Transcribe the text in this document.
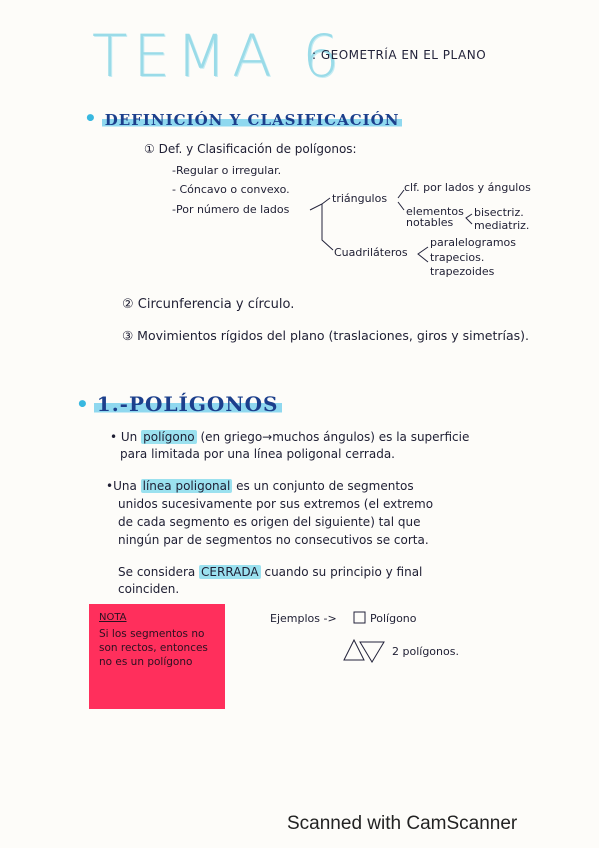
TEMA 6
: GEOMETRÍA EN EL PLANO
• DEFINICIÓN Y CLASIFICACIÓN
① Def. y Clasificación de polígonos:
-Regular o irregular.
- Cóncavo o convexo.
-Por número de lados
triángulos
clf. por lados y ángulos
elementos notables
bisectriz.
mediatriz.
Cuadriláteros
paralelogramos
trapecios.
trapezoides
② Circunferencia y círculo.
③ Movimientos rígidos del plano (traslaciones, giros y simetrías).
• 1.-POLÍGONOS
• Un polígono (en griego→muchos ángulos) es la superficie
para limitada por una línea poligonal cerrada.
•Una línea poligonal es un conjunto de segmentos
unidos sucesivamente por sus extremos (el extremo
de cada segmento es origen del siguiente) tal que
ningún par de segmentos no consecutivos se corta.
Se considera CERRADA cuando su principio y final
coinciden.
NOTA
Si los segmentos no son rectos, entonces no es un polígono
Ejemplos ->	Polígono
2 polígonos.
Scanned with CamScanner
